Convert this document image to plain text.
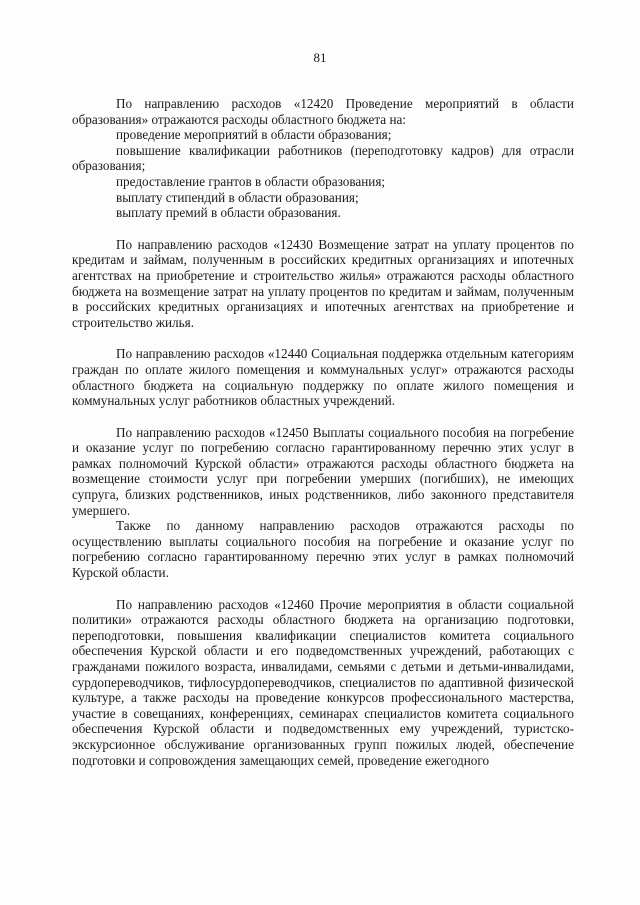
81

По направлению расходов «12420 Проведение мероприятий в области образования» отражаются расходы областного бюджета на:

проведение мероприятий в области образования;

повышение квалификации работников (переподготовку кадров) для отрасли образования;

предоставление грантов в области образования;

выплату стипендий в области образования;

выплату премий в области образования.

По направлению расходов «12430 Возмещение затрат на уплату процентов по кредитам и займам, полученным в российских кредитных организациях и ипотечных агентствах на приобретение и строительство жилья» отражаются расходы областного бюджета на возмещение затрат на уплату процентов по кредитам и займам, полученным в российских кредитных организациях и ипотечных агентствах на приобретение и строительство жилья.

По направлению расходов «12440 Социальная поддержка отдельным категориям граждан по оплате жилого помещения и коммунальных услуг» отражаются расходы областного бюджета на социальную поддержку по оплате жилого помещения и коммунальных услуг работников областных учреждений.

По направлению расходов «12450 Выплаты социального пособия на погребение и оказание услуг по погребению согласно гарантированному перечню этих услуг в рамках полномочий Курской области» отражаются расходы областного бюджета на возмещение стоимости услуг при погребении умерших (погибших), не имеющих супруга, близких родственников, иных родственников, либо законного представителя умершего.

Также по данному направлению расходов отражаются расходы по осуществлению выплаты социального пособия на погребение и оказание услуг по погребению согласно гарантированному перечню этих услуг в рамках полномочий Курской области.

По направлению расходов «12460 Прочие мероприятия в области социальной политики» отражаются расходы областного бюджета на организацию подготовки, переподготовки, повышения квалификации специалистов комитета социального обеспечения Курской области и его подведомственных учреждений, работающих с гражданами пожилого возраста, инвалидами, семьями с детьми и детьми-инвалидами, сурдопереводчиков, тифлосурдопереводчиков, специалистов по адаптивной физической культуре, а также расходы на проведение конкурсов профессионального мастерства, участие в совещаниях, конференциях, семинарах специалистов комитета социального обеспечения Курской области и подведомственных ему учреждений, туристско-экскурсионное обслуживание организованных групп пожилых людей, обеспечение подготовки и сопровождения замещающих семей, проведение ежегодного
